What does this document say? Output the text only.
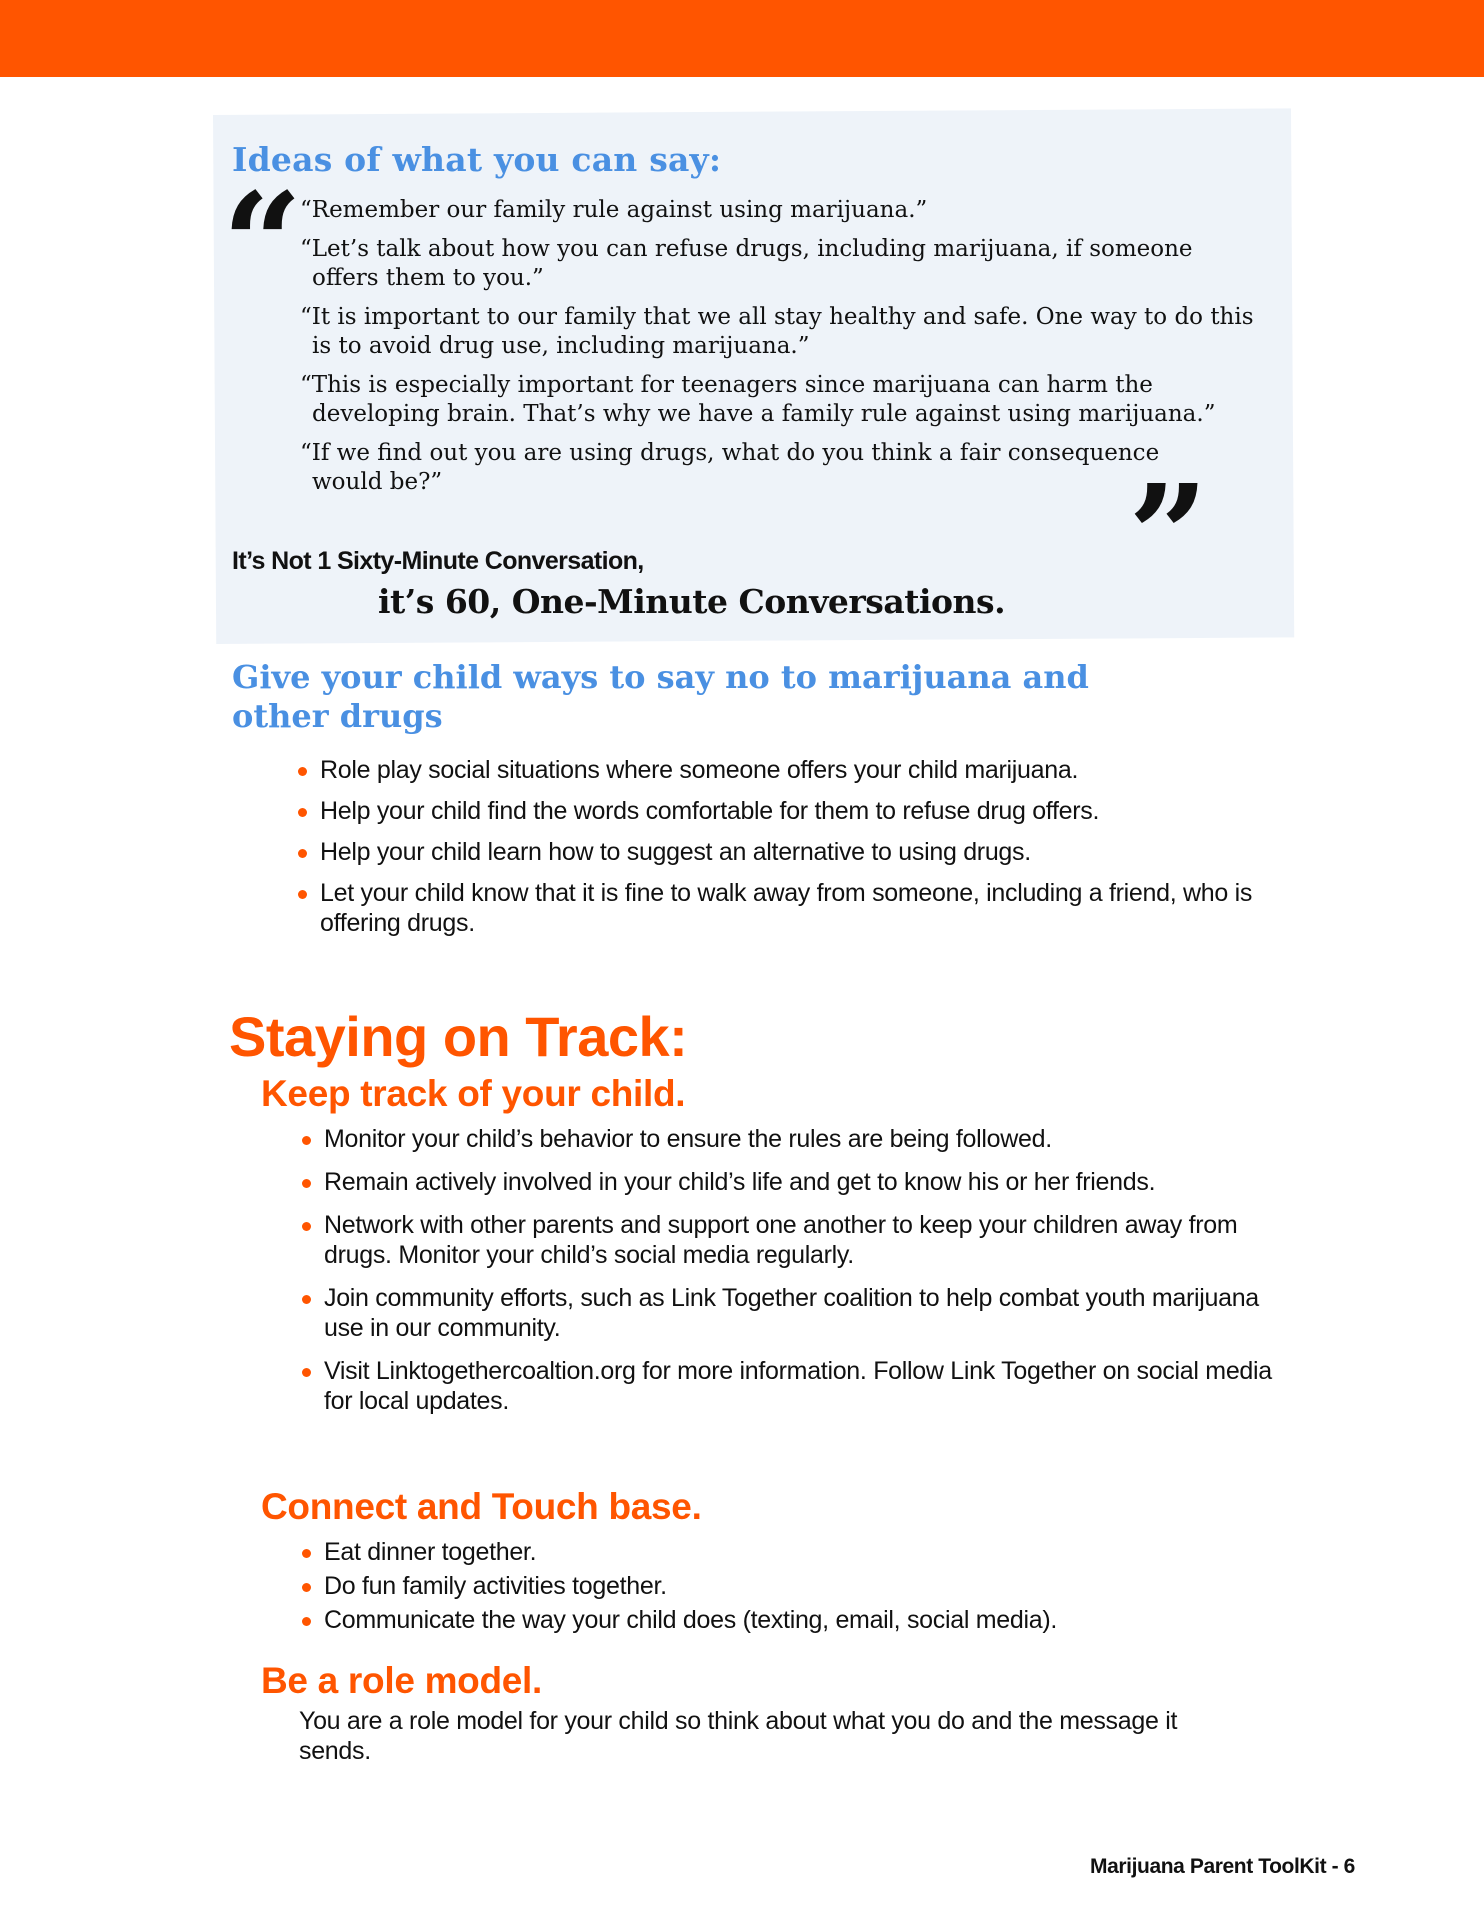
Ideas of what you can say:
“
“Remember our family rule against using marijuana.”
“Let’s talk about how you can refuse drugs, including marijuana, if someone offers them to you.”
“It is important to our family that we all stay healthy and safe. One way to do this is to avoid drug use, including marijuana.”
“This is especially important for teenagers since marijuana can harm the developing brain. That’s why we have a family rule against using marijuana.”
“If we find out you are using drugs, what do you think a fair consequence would be?”	”

It’s Not 1 Sixty-Minute Conversation,

it’s 60, One-Minute Conversations.

Give your child ways to say no to marijuana and other drugs
Role play social situations where someone offers your child marijuana.
Help your child find the words comfortable for them to refuse drug offers.
Help your child learn how to suggest an alternative to using drugs.
Let your child know that it is fine to walk away from someone, including a friend, who is offering drugs.
Staying on Track:
Keep track of your child.
Monitor your child’s behavior to ensure the rules are being followed.
Remain actively involved in your child’s life and get to know his or her friends.
Network with other parents and support one another to keep your children away from drugs. Monitor your child’s social media regularly.
Join community efforts, such as Link Together coalition to help combat youth marijuana use in our community.
Visit Linktogethercoaltion.org for more information. Follow Link Together on social media for local updates.
Connect and Touch base.
Eat dinner together.
Do fun family activities together.
Communicate the way your child does (texting, email, social media).
Be a role model.

You are a role model for your child so think about what you do and the message it sends.

Marijuana Parent ToolKit - 6
